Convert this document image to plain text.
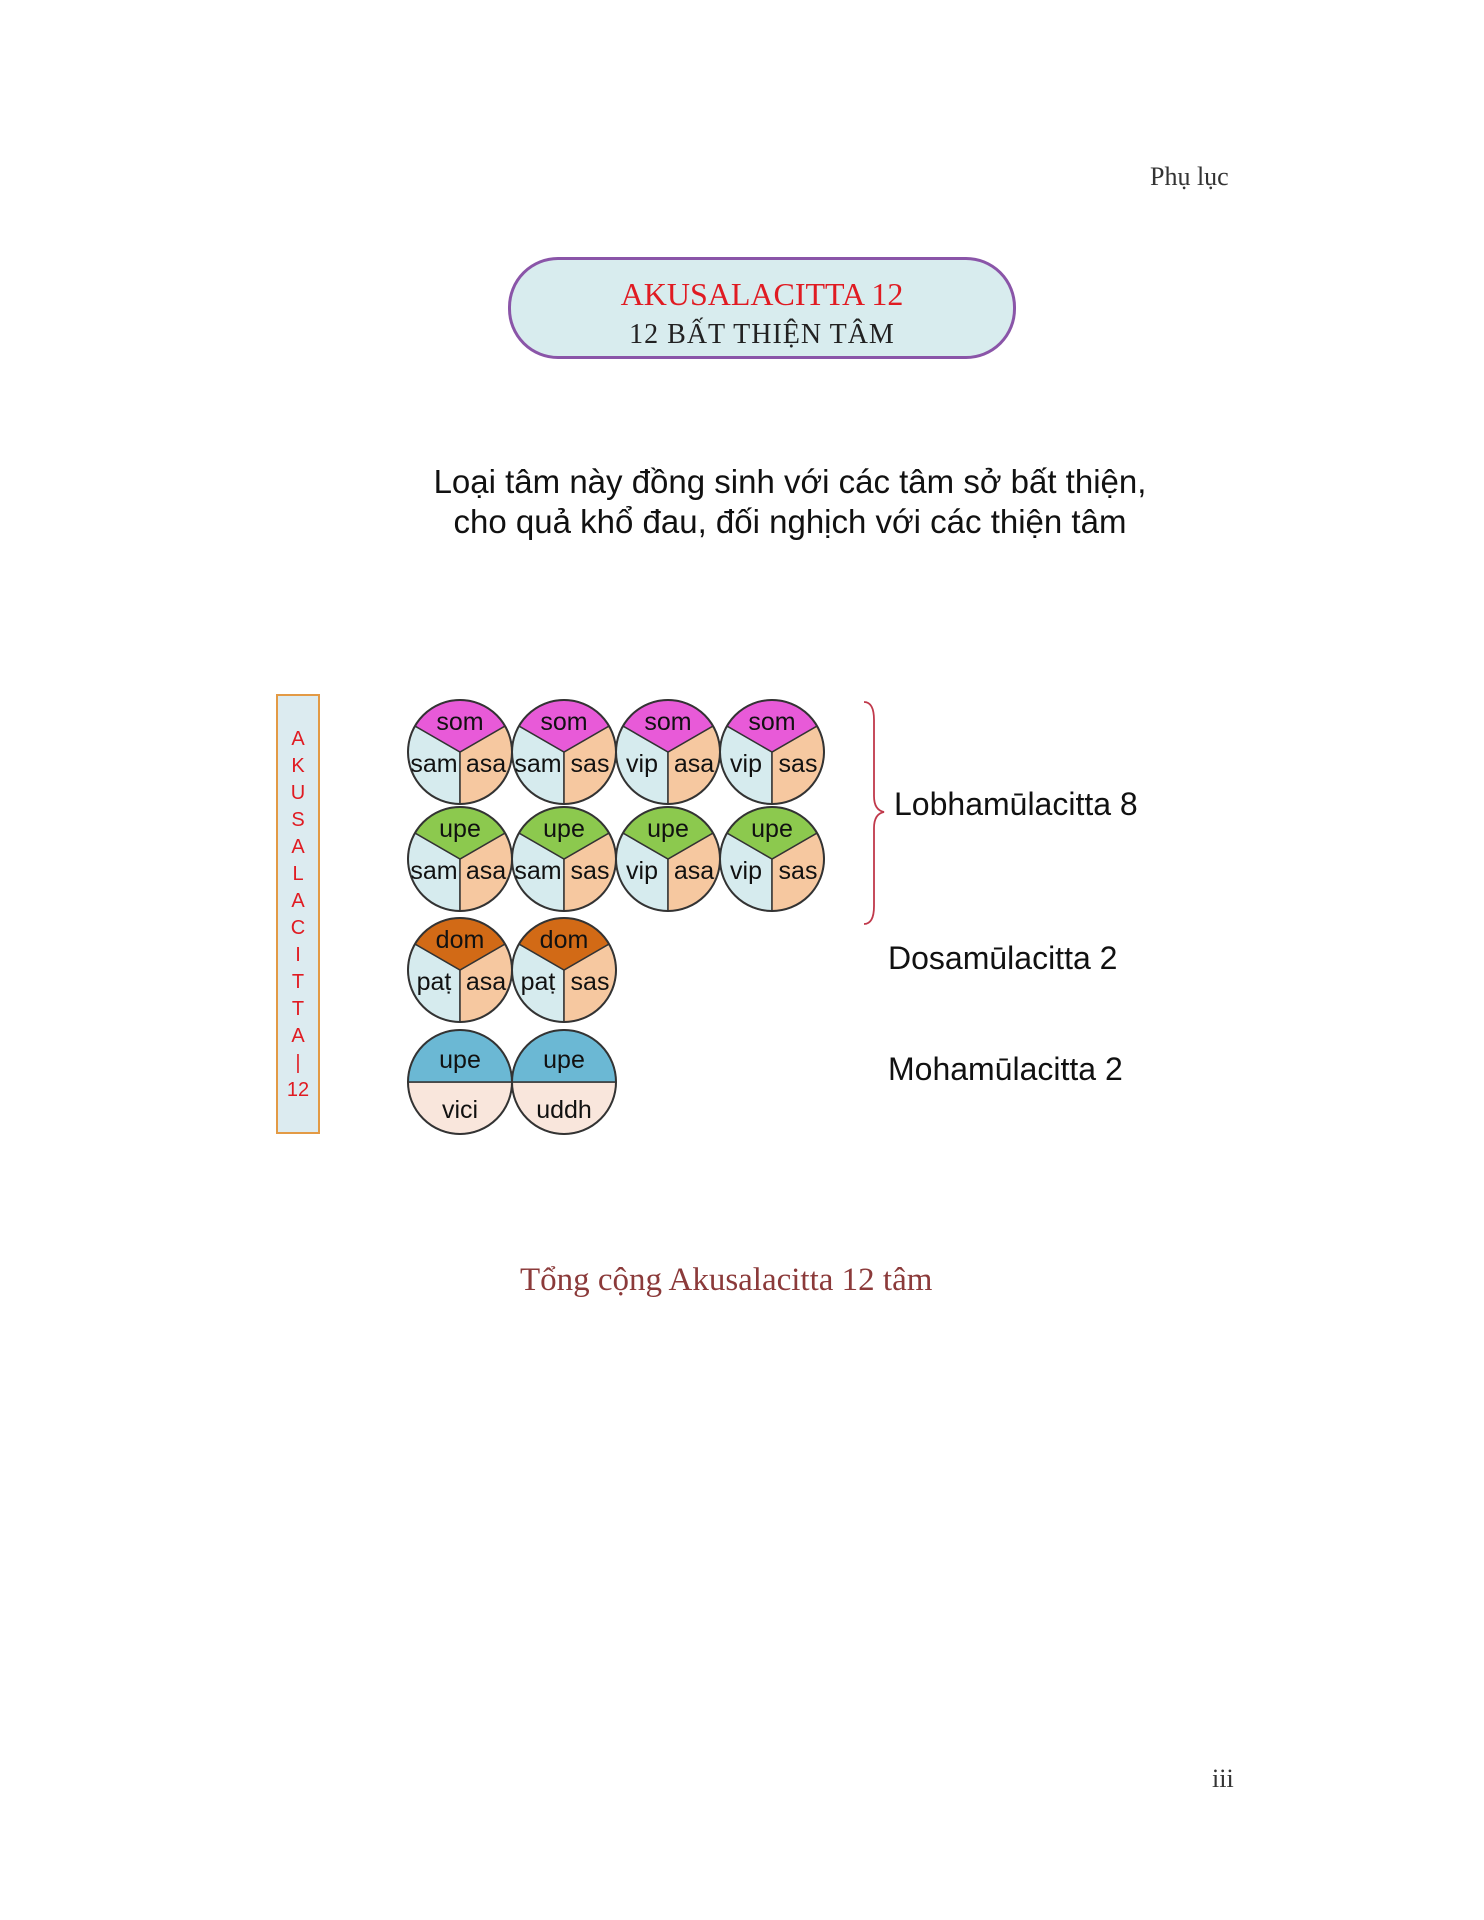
Phụ lục
AKUSALACITTA 12
12 BẤT THIỆN TÂM
Loại tâm này đồng sinh với các tâm sở bất thiện,
cho quả khổ đau, đối nghịch với các thiện tâm
A
K
U
S
A
L
A
C
I
T
T
A
|
12
som
sam asa
som
sam sas
som
vip asa
som
vip sas
upe
sam asa
upe
sam sas
upe
vip asa
upe
vip sas
dom
paṭ asa
dom
paṭ sas
upe
vici
upe
uddh
Lobhamūlacitta 8
Dosamūlacitta 2
Mohamūlacitta 2
Tổng cộng Akusalacitta 12 tâm
iii
